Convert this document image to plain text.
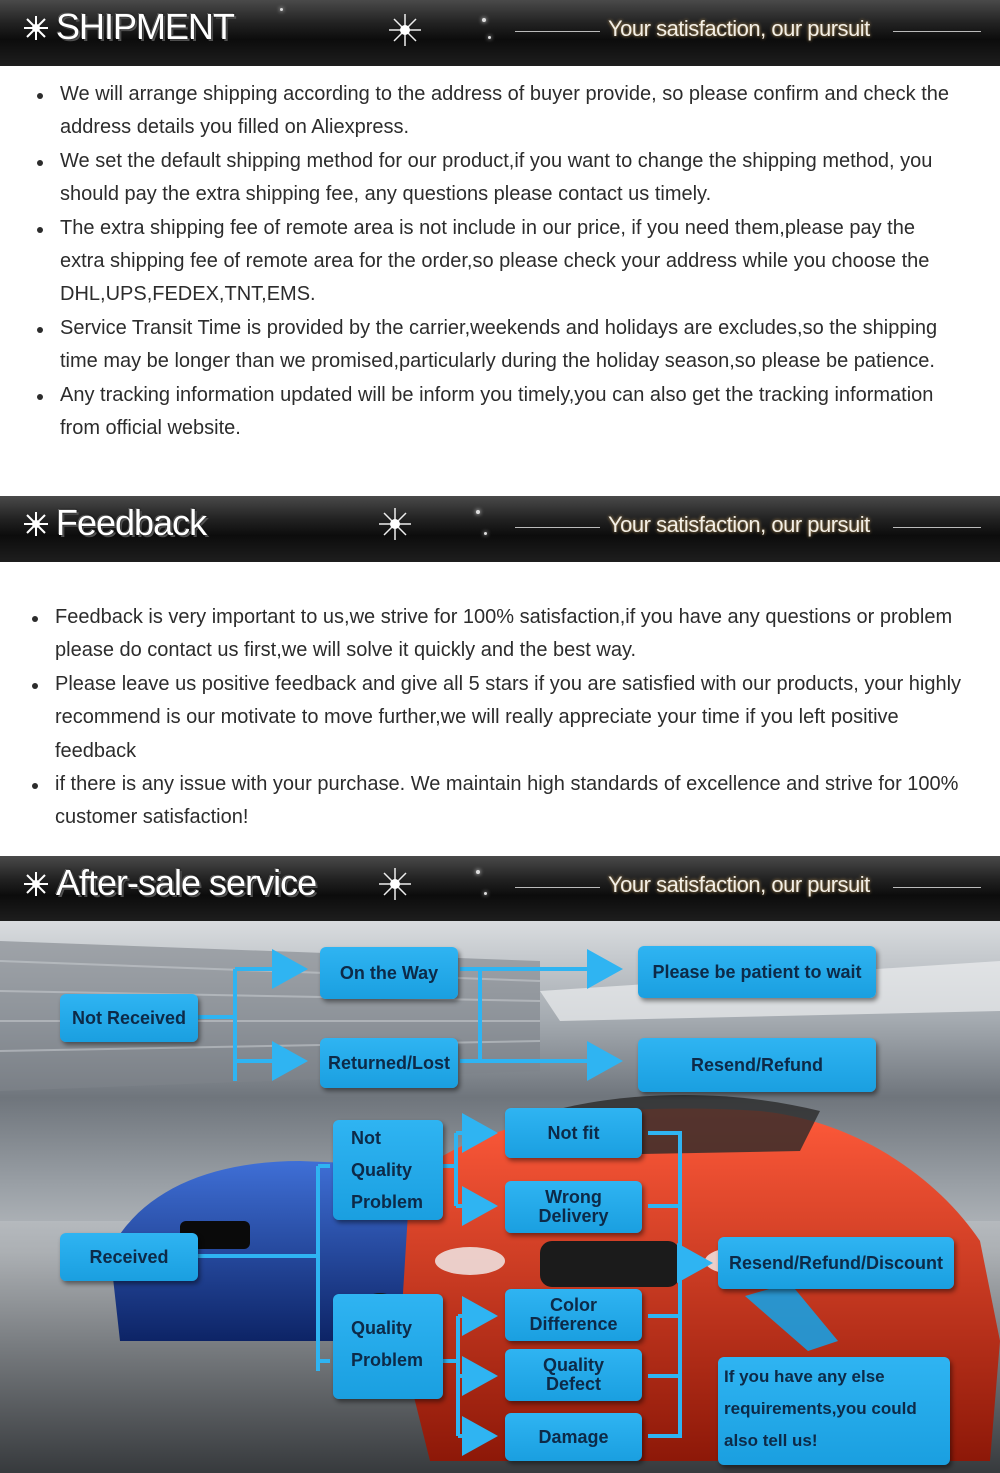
SHIPMENT	Your satisfaction, our pursuit
We will arrange shipping according to the address of buyer provide, so please confirm and check the address details you filled on Aliexpress.
We set the default shipping method for our product,if you want to change the shipping method, you should pay the extra shipping fee, any questions please contact us timely.
The extra shipping fee of remote area is not include in our price, if you need them,please pay the extra shipping fee of remote area for the order,so please check your address while you choose the DHL,UPS,FEDEX,TNT,EMS.
Service Transit Time is provided by the carrier,weekends and holidays are excludes,so the shipping time may be longer than we promised,particularly during the holiday season,so please be patience.
Any tracking information updated will be inform you timely,you can also get the tracking information from official website.
Feedback	Your satisfaction, our pursuit
Feedback is very important to us,we strive for 100% satisfaction,if you have any questions or problem please do contact us first,we will solve it quickly and the best way.
Please leave us positive feedback and give all 5 stars if you are satisfied with our products, your highly recommend is our motivate to move further,we will really appreciate your time if you left positive feedback
if there is any issue with your purchase. We maintain high standards of excellence and strive for 100% customer satisfaction!
After-sale service	Your satisfaction, our pursuit
Not Received
On the Way
Returned/Lost
Please be patient to wait
Resend/Refund
Received
Not
Quality
Problem
Quality
Problem
Not fit
Wrong
Delivery
Color
Difference
Quality
Defect
Damage
Resend/Refund/Discount
If you have any else
requirements,you could
also tell us!
